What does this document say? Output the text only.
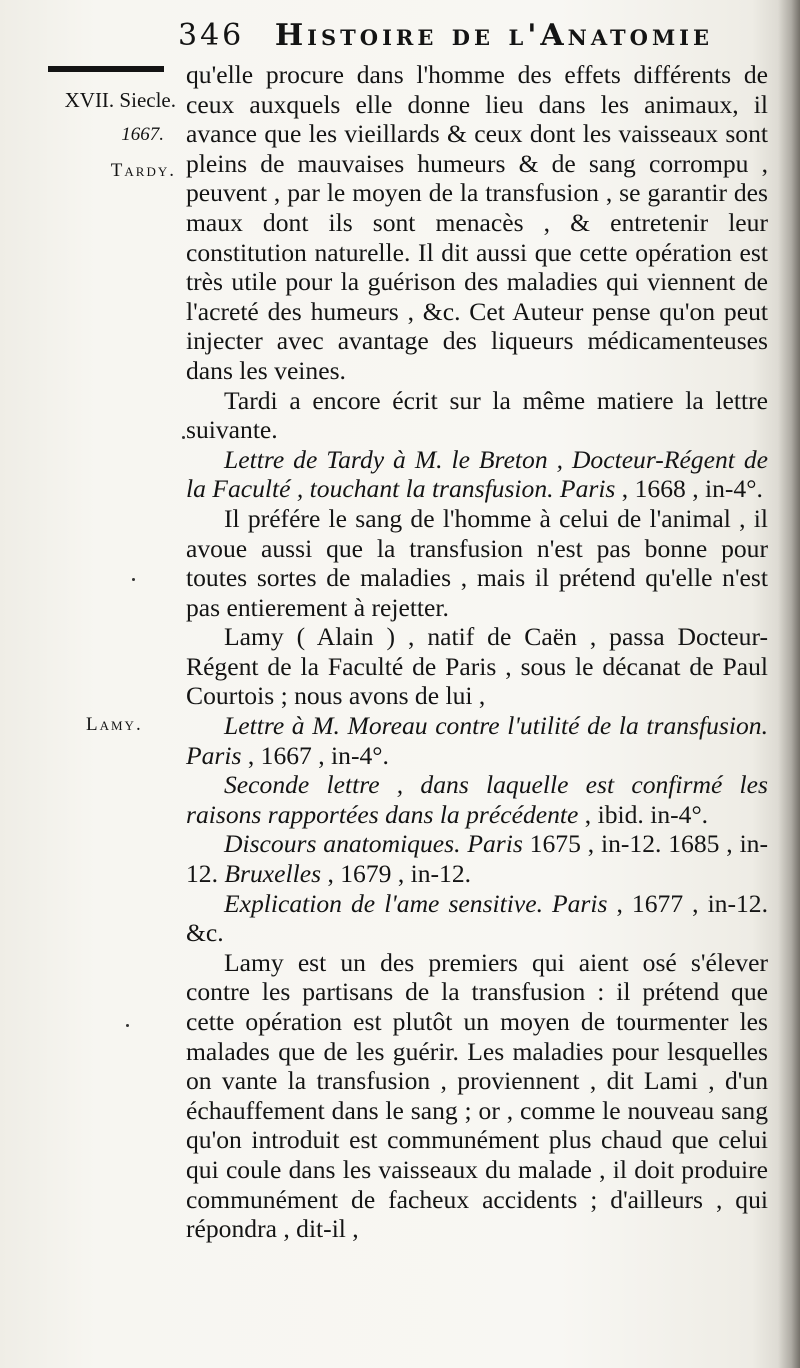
346 Histoire de l'Anatomie
XVII. Siecle.
1667.
Tardy.
Lamy.

qu'elle procure dans l'homme des effets différents de ceux auxquels elle donne lieu dans les animaux, il avance que les vieillards & ceux dont les vaisseaux sont pleins de mauvaises humeurs & de sang corrompu , peuvent , par le moyen de la transfusion , se garantir des maux dont ils sont menacès , & entretenir leur constitution naturelle. Il dit aussi que cette opération est très utile pour la guérison des maladies qui viennent de l'acreté des humeurs , &c. Cet Auteur pense qu'on peut injecter avec avantage des liqueurs médicamenteuses dans les veines.

Tardi a encore écrit sur la même matiere la lettre suivante.

Lettre de Tardy à M. le Breton , Docteur-Régent de la Faculté , touchant la transfusion. Paris , 1668 , in-4°.

Il préfére le sang de l'homme à celui de l'animal , il avoue aussi que la transfusion n'est pas bonne pour toutes sortes de maladies , mais il prétend qu'elle n'est pas entierement à rejetter.

Lamy ( Alain ) , natif de Caën , passa Docteur-Régent de la Faculté de Paris , sous le décanat de Paul Courtois ; nous avons de lui ,

Lettre à M. Moreau contre l'utilité de la transfusion. Paris , 1667 , in-4°.

Seconde lettre , dans laquelle est confirmé les raisons rapportées dans la précédente , ibid. in-4°.

Discours anatomiques. Paris 1675 , in-12. 1685 , in-12. Bruxelles , 1679 , in-12.

Explication de l'ame sensitive. Paris , 1677 , in-12. &c.

Lamy est un des premiers qui aient osé s'élever contre les partisans de la transfusion : il prétend que cette opération est plutôt un moyen de tourmenter les malades que de les guérir. Les maladies pour lesquelles on vante la transfusion , proviennent , dit Lami , d'un échauffement dans le sang ; or , comme le nouveau sang qu'on introduit est communément plus chaud que celui qui coule dans les vaisseaux du malade , il doit produire communément de facheux accidents ; d'ailleurs , qui répondra , dit-il ,
